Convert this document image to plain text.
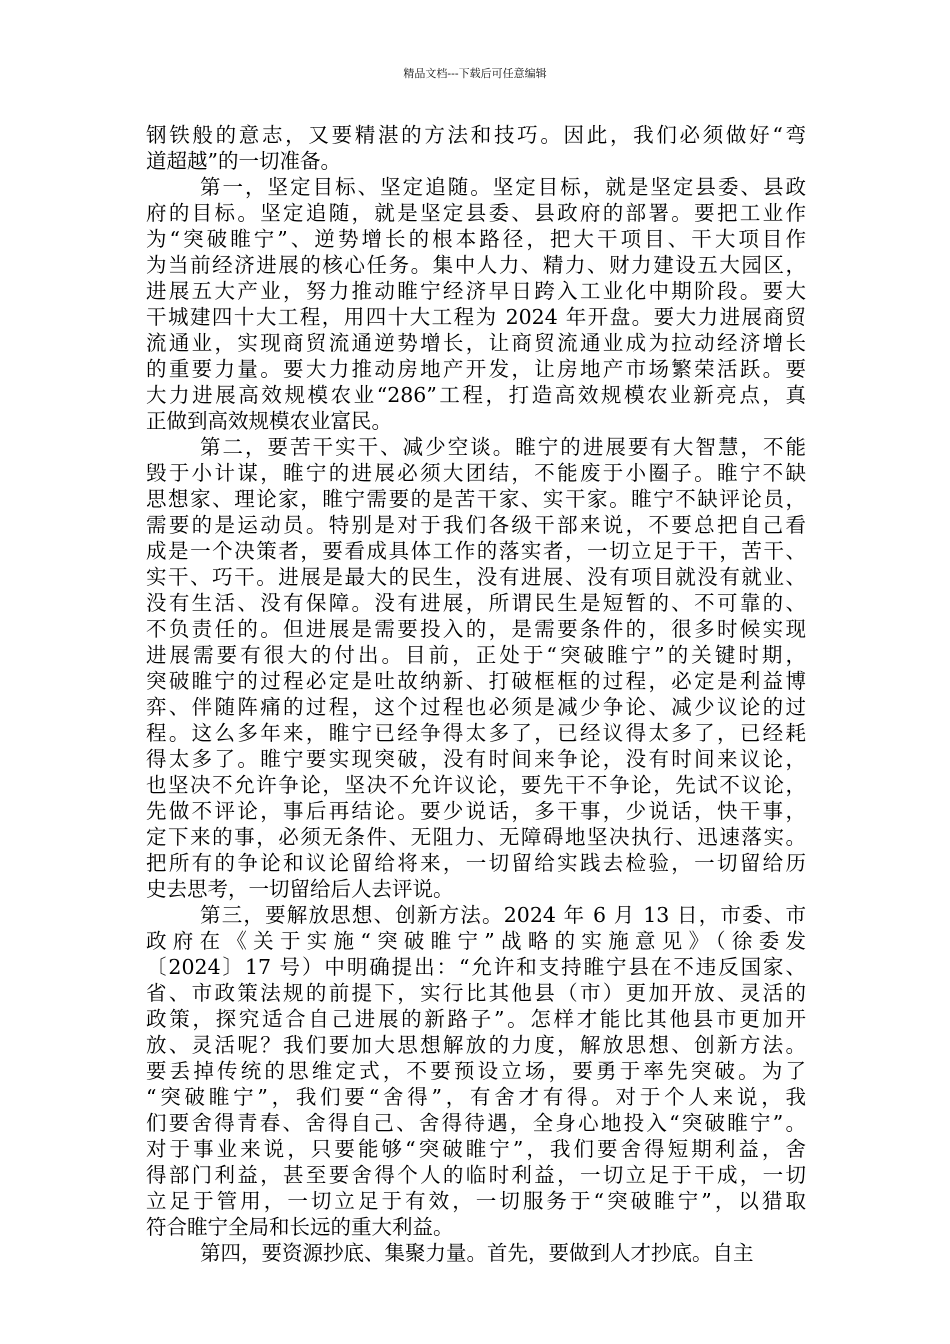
精品文档---下载后可任意编辑
钢铁般的意志，又要精湛的方法和技巧。因此，我们必须做好“弯
道超越”的一切准备。
第一，坚定目标、坚定追随。坚定目标，就是坚定县委、县政
府的目标。坚定追随，就是坚定县委、县政府的部署。要把工业作
为“突破睢宁”、逆势增长的根本路径，把大干项目、干大项目作
为当前经济进展的核心任务。集中人力、精力、财力建设五大园区，
进展五大产业，努力推动睢宁经济早日跨入工业化中期阶段。要大
干城建四十大工程，用四十大工程为 2024 年开盘。要大力进展商贸
流通业，实现商贸流通逆势增长，让商贸流通业成为拉动经济增长
的重要力量。要大力推动房地产开发，让房地产市场繁荣活跃。要
大力进展高效规模农业“286”工程，打造高效规模农业新亮点，真
正做到高效规模农业富民。
第二，要苦干实干、减少空谈。睢宁的进展要有大智慧，不能
毁于小计谋，睢宁的进展必须大团结，不能废于小圈子。睢宁不缺
思想家、理论家，睢宁需要的是苦干家、实干家。睢宁不缺评论员，
需要的是运动员。特别是对于我们各级干部来说，不要总把自己看
成是一个决策者，要看成具体工作的落实者，一切立足于干，苦干、
实干、巧干。进展是最大的民生，没有进展、没有项目就没有就业、
没有生活、没有保障。没有进展，所谓民生是短暂的、不可靠的、
不负责任的。但进展是需要投入的，是需要条件的，很多时候实现
进展需要有很大的付出。目前，正处于“突破睢宁”的关键时期，
突破睢宁的过程必定是吐故纳新、打破框框的过程，必定是利益博
弈、伴随阵痛的过程，这个过程也必须是减少争论、减少议论的过
程。这么多年来，睢宁已经争得太多了，已经议得太多了，已经耗
得太多了。睢宁要实现突破，没有时间来争论，没有时间来议论，
也坚决不允许争论，坚决不允许议论，要先干不争论，先试不议论，
先做不评论，事后再结论。要少说话，多干事，少说话，快干事，
定下来的事，必须无条件、无阻力、无障碍地坚决执行、迅速落实。
把所有的争论和议论留给将来，一切留给实践去检验，一切留给历
史去思考，一切留给后人去评说。
第三，要解放思想、创新方法。2024 年 6 月 13 日，市委、市
政府在《关于实施“突破睢宁”战略的实施意见》（徐委发
〔2024〕17 号）中明确提出：“允许和支持睢宁县在不违反国家、
省、市政策法规的前提下，实行比其他县（市）更加开放、灵活的
政策，探究适合自己进展的新路子”。怎样才能比其他县市更加开
放、灵活呢？我们要加大思想解放的力度，解放思想、创新方法。
要丢掉传统的思维定式，不要预设立场，要勇于率先突破。为了
“突破睢宁”，我们要“舍得”，有舍才有得。对于个人来说，我
们要舍得青春、舍得自己、舍得待遇，全身心地投入“突破睢宁”。
对于事业来说，只要能够“突破睢宁”，我们要舍得短期利益，舍
得部门利益，甚至要舍得个人的临时利益，一切立足于干成，一切
立足于管用，一切立足于有效，一切服务于“突破睢宁”，以猎取
符合睢宁全局和长远的重大利益。
第四，要资源抄底、集聚力量。首先，要做到人才抄底。自主
